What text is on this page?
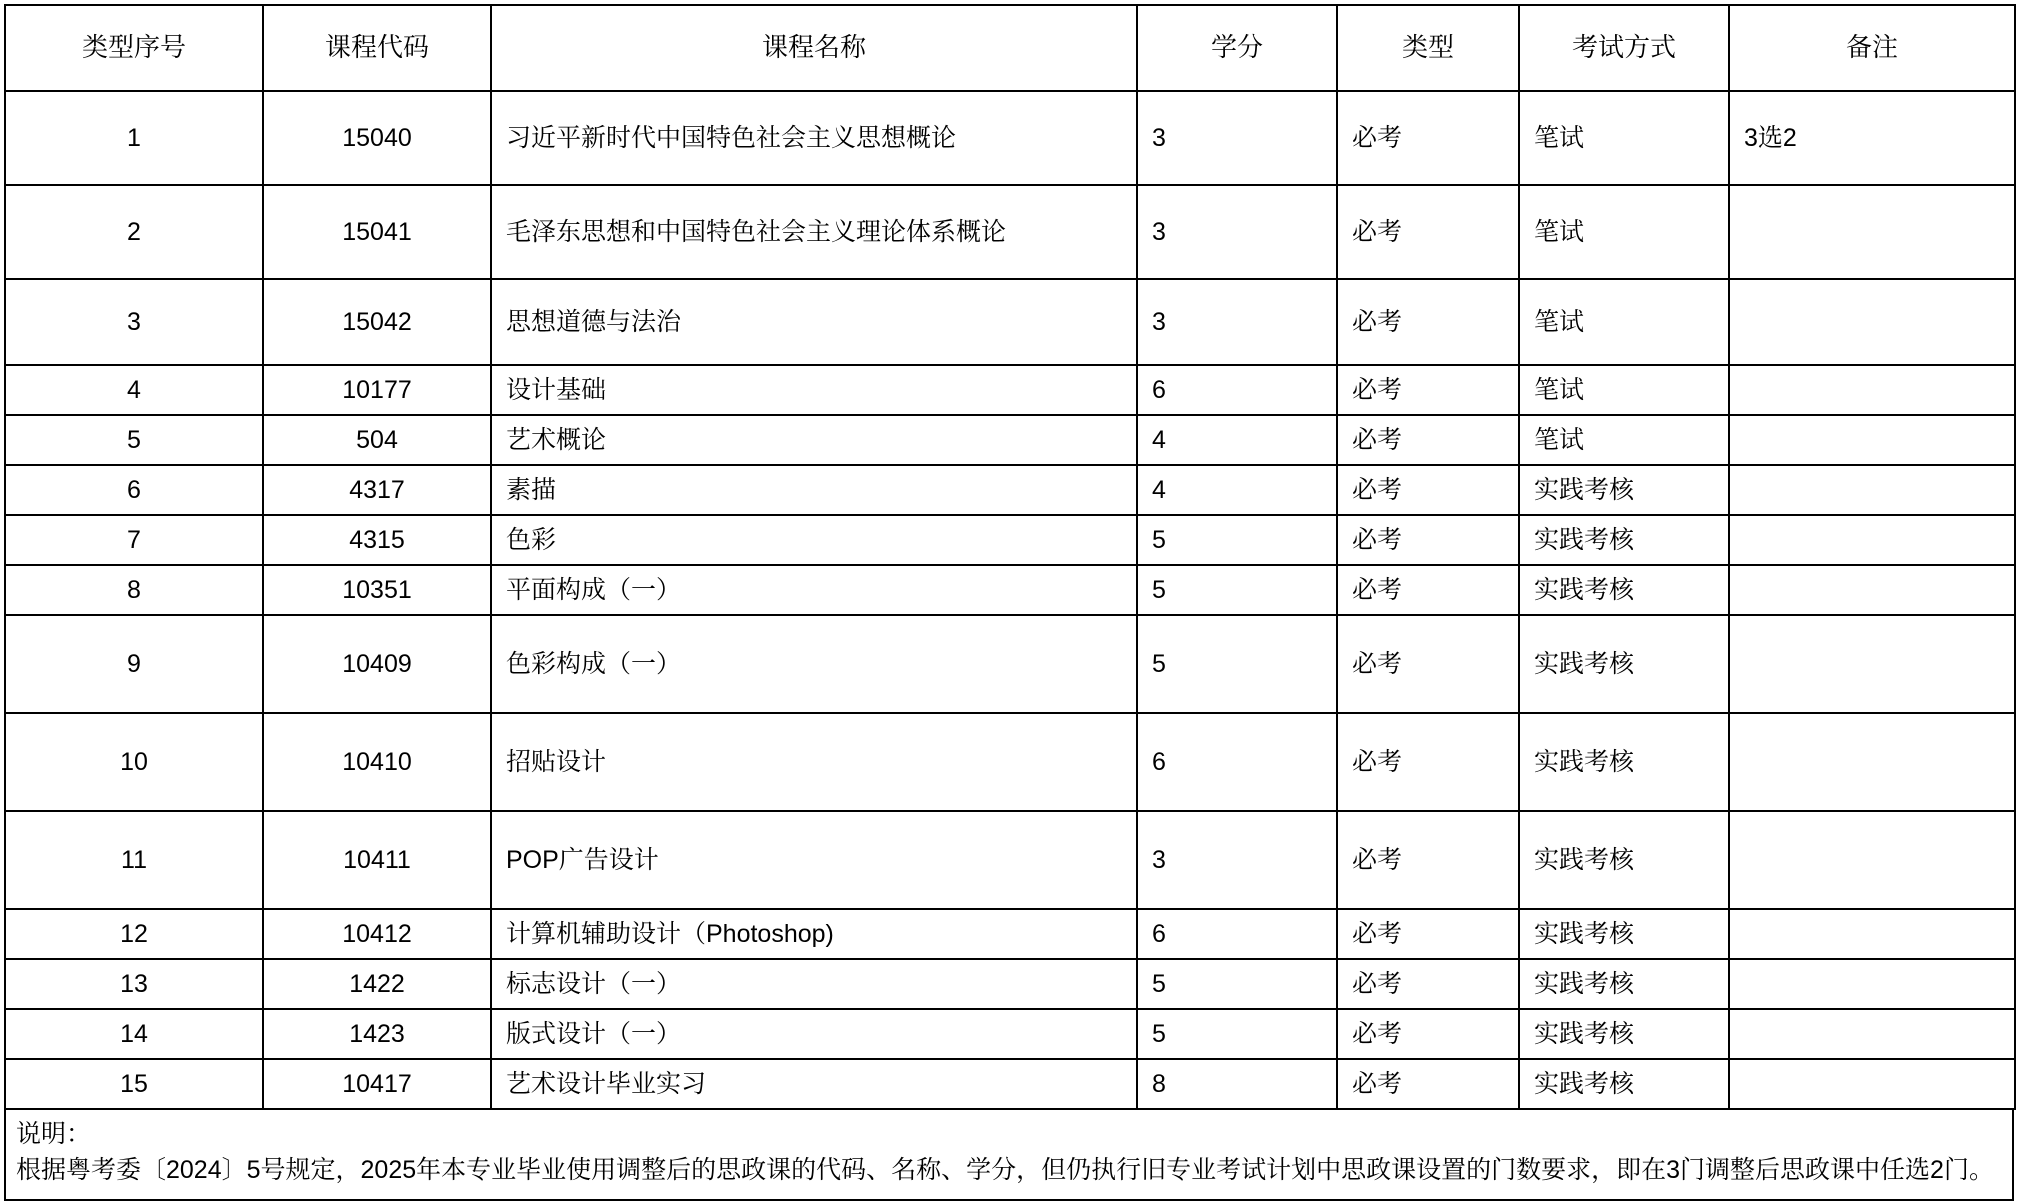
类型序号	课程代码	课程名称	学分	类型	考试方式	备注
1	15040	习近平新时代中国特色社会主义思想概论	3	必考	笔试	3选2
2	15041	毛泽东思想和中国特色社会主义理论体系概论	3	必考	笔试	
3	15042	思想道德与法治	3	必考	笔试	
4	10177	设计基础	6	必考	笔试	
5	504	艺术概论	4	必考	笔试	
6	4317	素描	4	必考	实践考核	
7	4315	色彩	5	必考	实践考核	
8	10351	平面构成（一）	5	必考	实践考核	
9	10409	色彩构成（一）	5	必考	实践考核	
10	10410	招贴设计	6	必考	实践考核	
11	10411	POP广告设计	3	必考	实践考核	
12	10412	计算机辅助设计（Photoshop)	6	必考	实践考核	
13	1422	标志设计（一）	5	必考	实践考核	
14	1423	版式设计（一）	5	必考	实践考核	
15	10417	艺术设计毕业实习	8	必考	实践考核	
说明：
根据粤考委〔2024〕5号规定，2025年本专业毕业使用调整后的思政课的代码、名称、学分，但仍执行旧专业考试计划中思政课设置的门数要求，即在3门调整后思政课中任选2门。
